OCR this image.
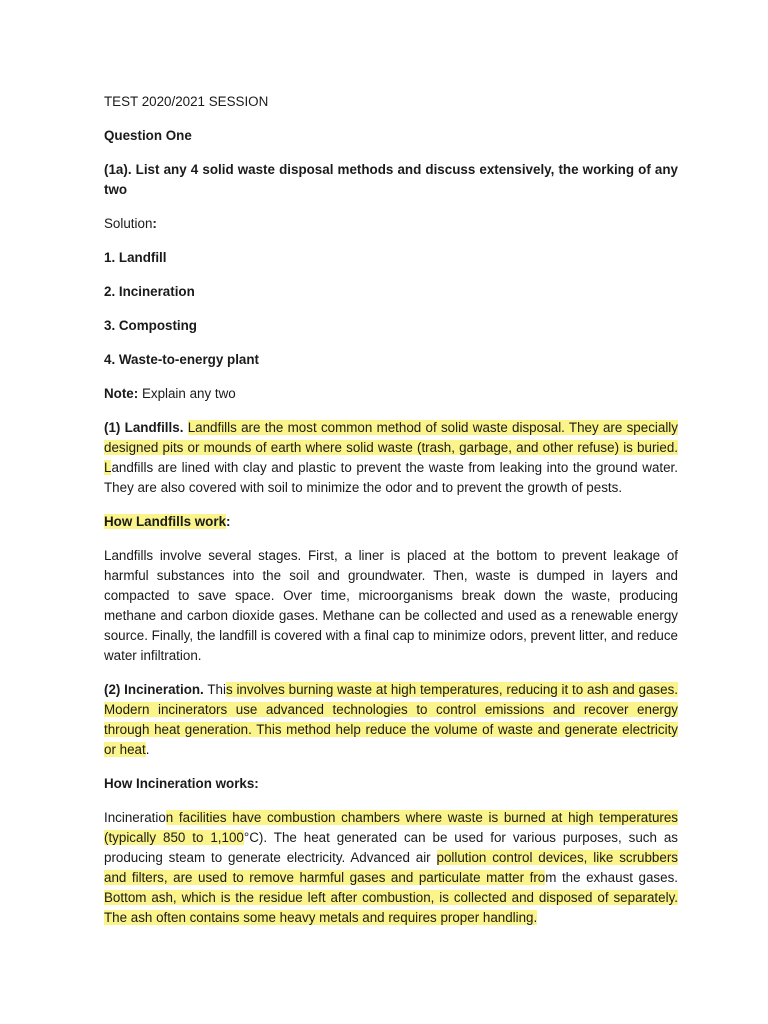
TEST 2020/2021 SESSION

Question One

(1a). List any 4 solid waste disposal methods and discuss extensively, the working of any two

Solution:

1. Landfill

2. Incineration

3. Composting

4. Waste-to-energy plant

Note: Explain any two

(1) Landfills. Landfills are the most common method of solid waste disposal. They are specially designed pits or mounds of earth where solid waste (trash, garbage, and other refuse) is buried. Landfills are lined with clay and plastic to prevent the waste from leaking into the ground water. They are also covered with soil to minimize the odor and to prevent the growth of pests.

How Landfills work:

Landfills involve several stages. First, a liner is placed at the bottom to prevent leakage of harmful substances into the soil and groundwater. Then, waste is dumped in layers and compacted to save space. Over time, microorganisms break down the waste, producing methane and carbon dioxide gases. Methane can be collected and used as a renewable energy source. Finally, the landfill is covered with a final cap to minimize odors, prevent litter, and reduce water infiltration.

(2) Incineration. This involves burning waste at high temperatures, reducing it to ash and gases. Modern incinerators use advanced technologies to control emissions and recover energy through heat generation. This method help reduce the volume of waste and generate electricity or heat.

How Incineration works:

Incineration facilities have combustion chambers where waste is burned at high temperatures (typically 850 to 1,100°C). The heat generated can be used for various purposes, such as producing steam to generate electricity. Advanced air pollution control devices, like scrubbers and filters, are used to remove harmful gases and particulate matter from the exhaust gases. Bottom ash, which is the residue left after combustion, is collected and disposed of separately. The ash often contains some heavy metals and requires proper handling.
